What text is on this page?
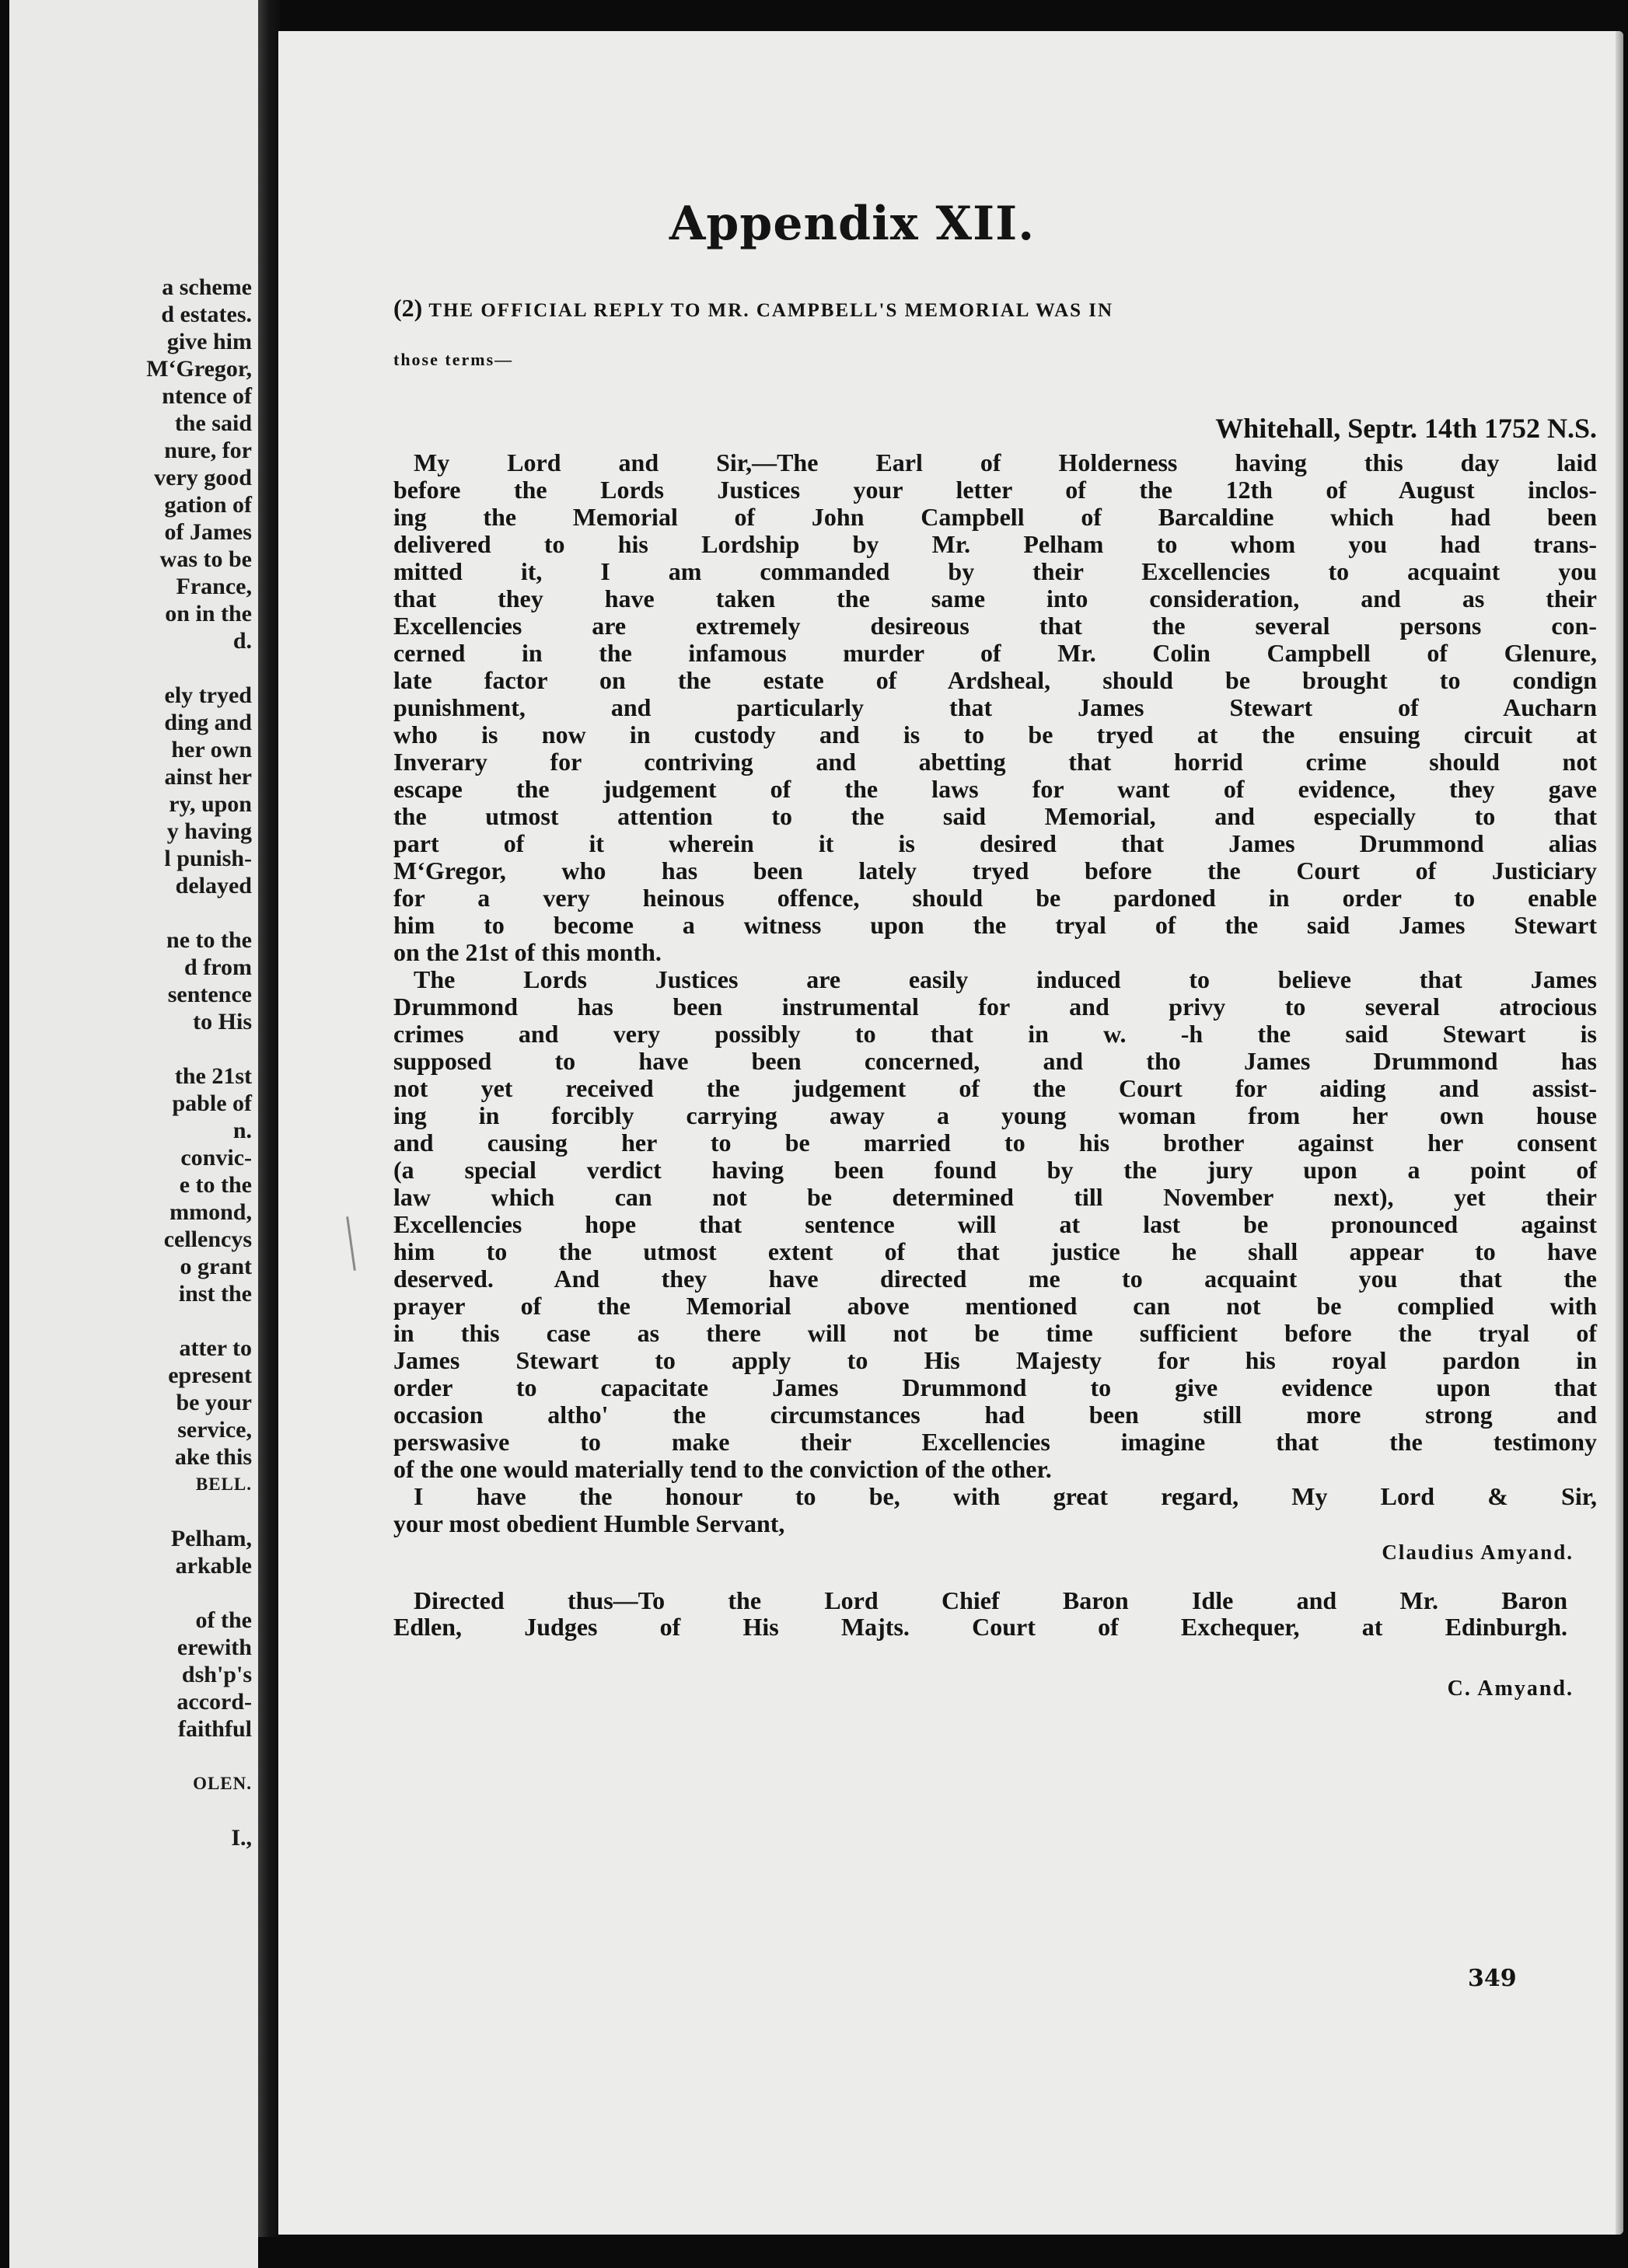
a scheme
d estates.
give him
M‘Gregor,
ntence of
the said
nure, for
very good
gation of
of James
was to be
France,
on in the
d.
ely tryed
ding and
her own
ainst her
ry, upon
y having
l punish-
delayed
ne to the
d from
sentence
to His
the 21st
pable of
n.
convic-
e to the
mmond,
cellencys
o grant
inst the
atter to
epresent
be your
service,
ake this
BELL.
Pelham,
arkable
of the
erewith
dsh'p's
accord-
faithful
OLEN.
I.,
Appendix XII.
(2) THE OFFICIAL REPLY TO MR. CAMPBELL'S MEMORIAL WAS IN
those terms—
Whitehall, Septr. 14th 1752 N.S.
My Lord and Sir,—The Earl of Holderness having this day laid
before the Lords Justices your letter of the 12th of August inclos-
ing the Memorial of John Campbell of Barcaldine which had been
delivered to his Lordship by Mr. Pelham to whom you had trans-
mitted it, I am commanded by their Excellencies to acquaint you
that they have taken the same into consideration, and as their
Excellencies are extremely desireous that the several persons con-
cerned in the infamous murder of Mr. Colin Campbell of Glenure,
late factor on the estate of Ardsheal, should be brought to condign
punishment, and particularly that James Stewart of Aucharn
who is now in custody and is to be tryed at the ensuing circuit at
Inverary for contriving and abetting that horrid crime should not
escape the judgement of the laws for want of evidence, they gave
the utmost attention to the said Memorial, and especially to that
part of it wherein it is desired that James Drummond alias
M‘Gregor, who has been lately tryed before the Court of Justiciary
for a very heinous offence, should be pardoned in order to enable
him to become a witness upon the tryal of the said James Stewart
on the 21st of this month.
The Lords Justices are easily induced to believe that James
Drummond has been instrumental for and privy to several atrocious
crimes and very possibly to that in w. -h the said Stewart is
supposed to have been concerned, and tho James Drummond has
not yet received the judgement of the Court for aiding and assist-
ing in forcibly carrying away a young woman from her own house
and causing her to be married to his brother against her consent
(a special verdict having been found by the jury upon a point of
law which can not be determined till November next), yet their
Excellencies hope that sentence will at last be pronounced against
him to the utmost extent of that justice he shall appear to have
deserved. And they have directed me to acquaint you that the
prayer of the Memorial above mentioned can not be complied with
in this case as there will not be time sufficient before the tryal of
James Stewart to apply to His Majesty for his royal pardon in
order to capacitate James Drummond to give evidence upon that
occasion altho' the circumstances had been still more strong and
perswasive to make their Excellencies imagine that the testimony
of the one would materially tend to the conviction of the other.
I have the honour to be, with great regard, My Lord & Sir,
your most obedient Humble Servant,
Claudius Amyand.
Directed thus—To the Lord Chief Baron Idle and Mr. Baron
Edlen, Judges of His Majts. Court of Exchequer, at Edinburgh.
C. Amyand.
349
